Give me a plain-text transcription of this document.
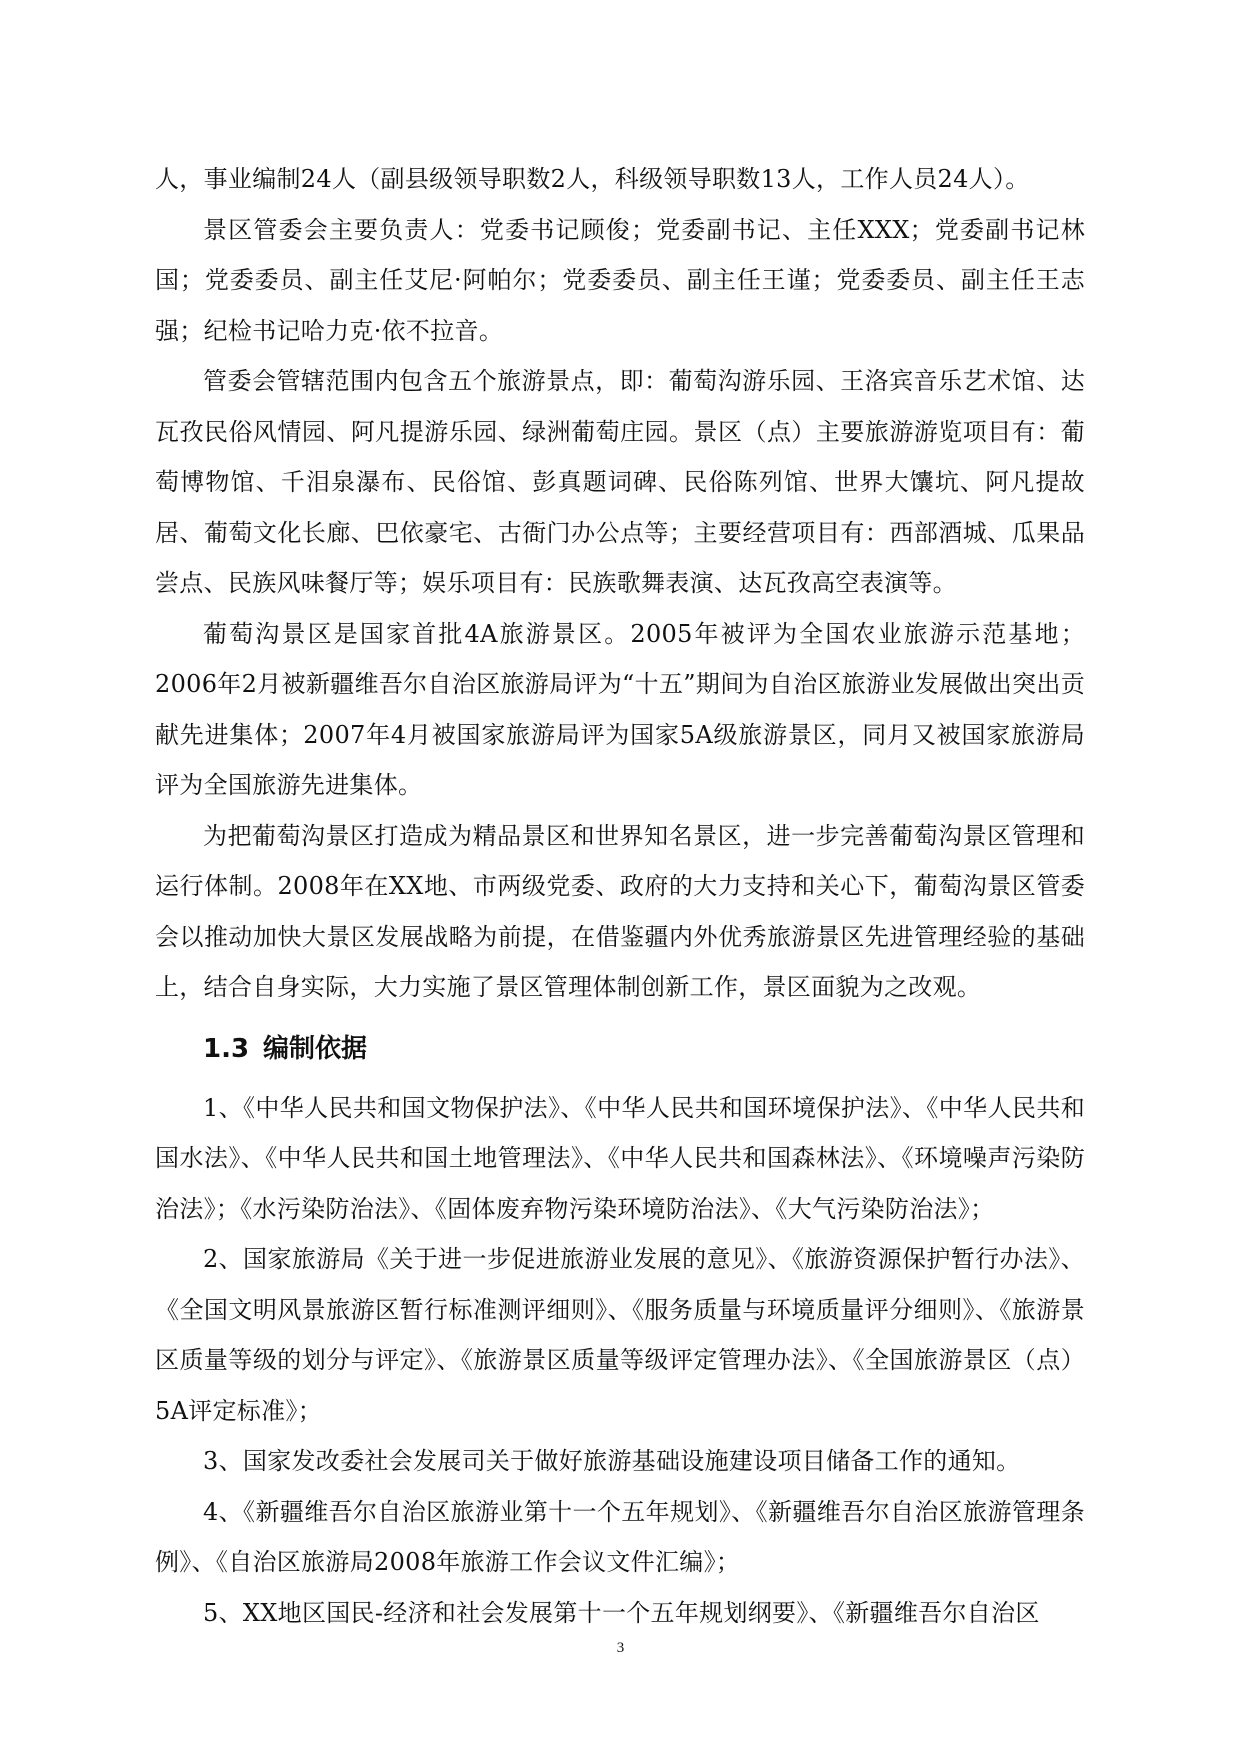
人，事业编制24人（副县级领导职数2人，科级领导职数13人，工作人员24人）。

景区管委会主要负责人：党委书记顾俊；党委副书记、主任XXX；党委副书记林国；党委委员、副主任艾尼·阿帕尔；党委委员、副主任王谨；党委委员、副主任王志强；纪检书记哈力克·依不拉音。

管委会管辖范围内包含五个旅游景点，即：葡萄沟游乐园、王洛宾音乐艺术馆、达瓦孜民俗风情园、阿凡提游乐园、绿洲葡萄庄园。景区（点）主要旅游游览项目有：葡萄博物馆、千泪泉瀑布、民俗馆、彭真题词碑、民俗陈列馆、世界大馕坑、阿凡提故居、葡萄文化长廊、巴依豪宅、古衙门办公点等；主要经营项目有：西部酒城、瓜果品尝点、民族风味餐厅等；娱乐项目有：民族歌舞表演、达瓦孜高空表演等。

葡萄沟景区是国家首批4A旅游景区。2005年被评为全国农业旅游示范基地；2006年2月被新疆维吾尔自治区旅游局评为“十五”期间为自治区旅游业发展做出突出贡献先进集体；2007年4月被国家旅游局评为国家5A级旅游景区，同月又被国家旅游局评为全国旅游先进集体。

为把葡萄沟景区打造成为精品景区和世界知名景区，进一步完善葡萄沟景区管理和运行体制。2008年在XX地、市两级党委、政府的大力支持和关心下，葡萄沟景区管委会以推动加快大景区发展战略为前提，在借鉴疆内外优秀旅游景区先进管理经验的基础上，结合自身实际，大力实施了景区管理体制创新工作，景区面貌为之改观。

1.3 编制依据

1、《中华人民共和国文物保护法》、《中华人民共和国环境保护法》、《中华人民共和国水法》、《中华人民共和国土地管理法》、《中华人民共和国森林法》、《环境噪声污染防治法》；《水污染防治法》、《固体废弃物污染环境防治法》、《大气污染防治法》；

2、国家旅游局《关于进一步促进旅游业发展的意见》、《旅游资源保护暂行办法》、《全国文明风景旅游区暂行标准测评细则》、《服务质量与环境质量评分细则》、《旅游景区质量等级的划分与评定》、《旅游景区质量等级评定管理办法》、《全国旅游景区（点）5A评定标准》；

3、国家发改委社会发展司关于做好旅游基础设施建设项目储备工作的通知。

4、《新疆维吾尔自治区旅游业第十一个五年规划》、《新疆维吾尔自治区旅游管理条例》、《自治区旅游局2008年旅游工作会议文件汇编》；

5、XX地区国民-经济和社会发展第十一个五年规划纲要》、《新疆维吾尔自治区

3
